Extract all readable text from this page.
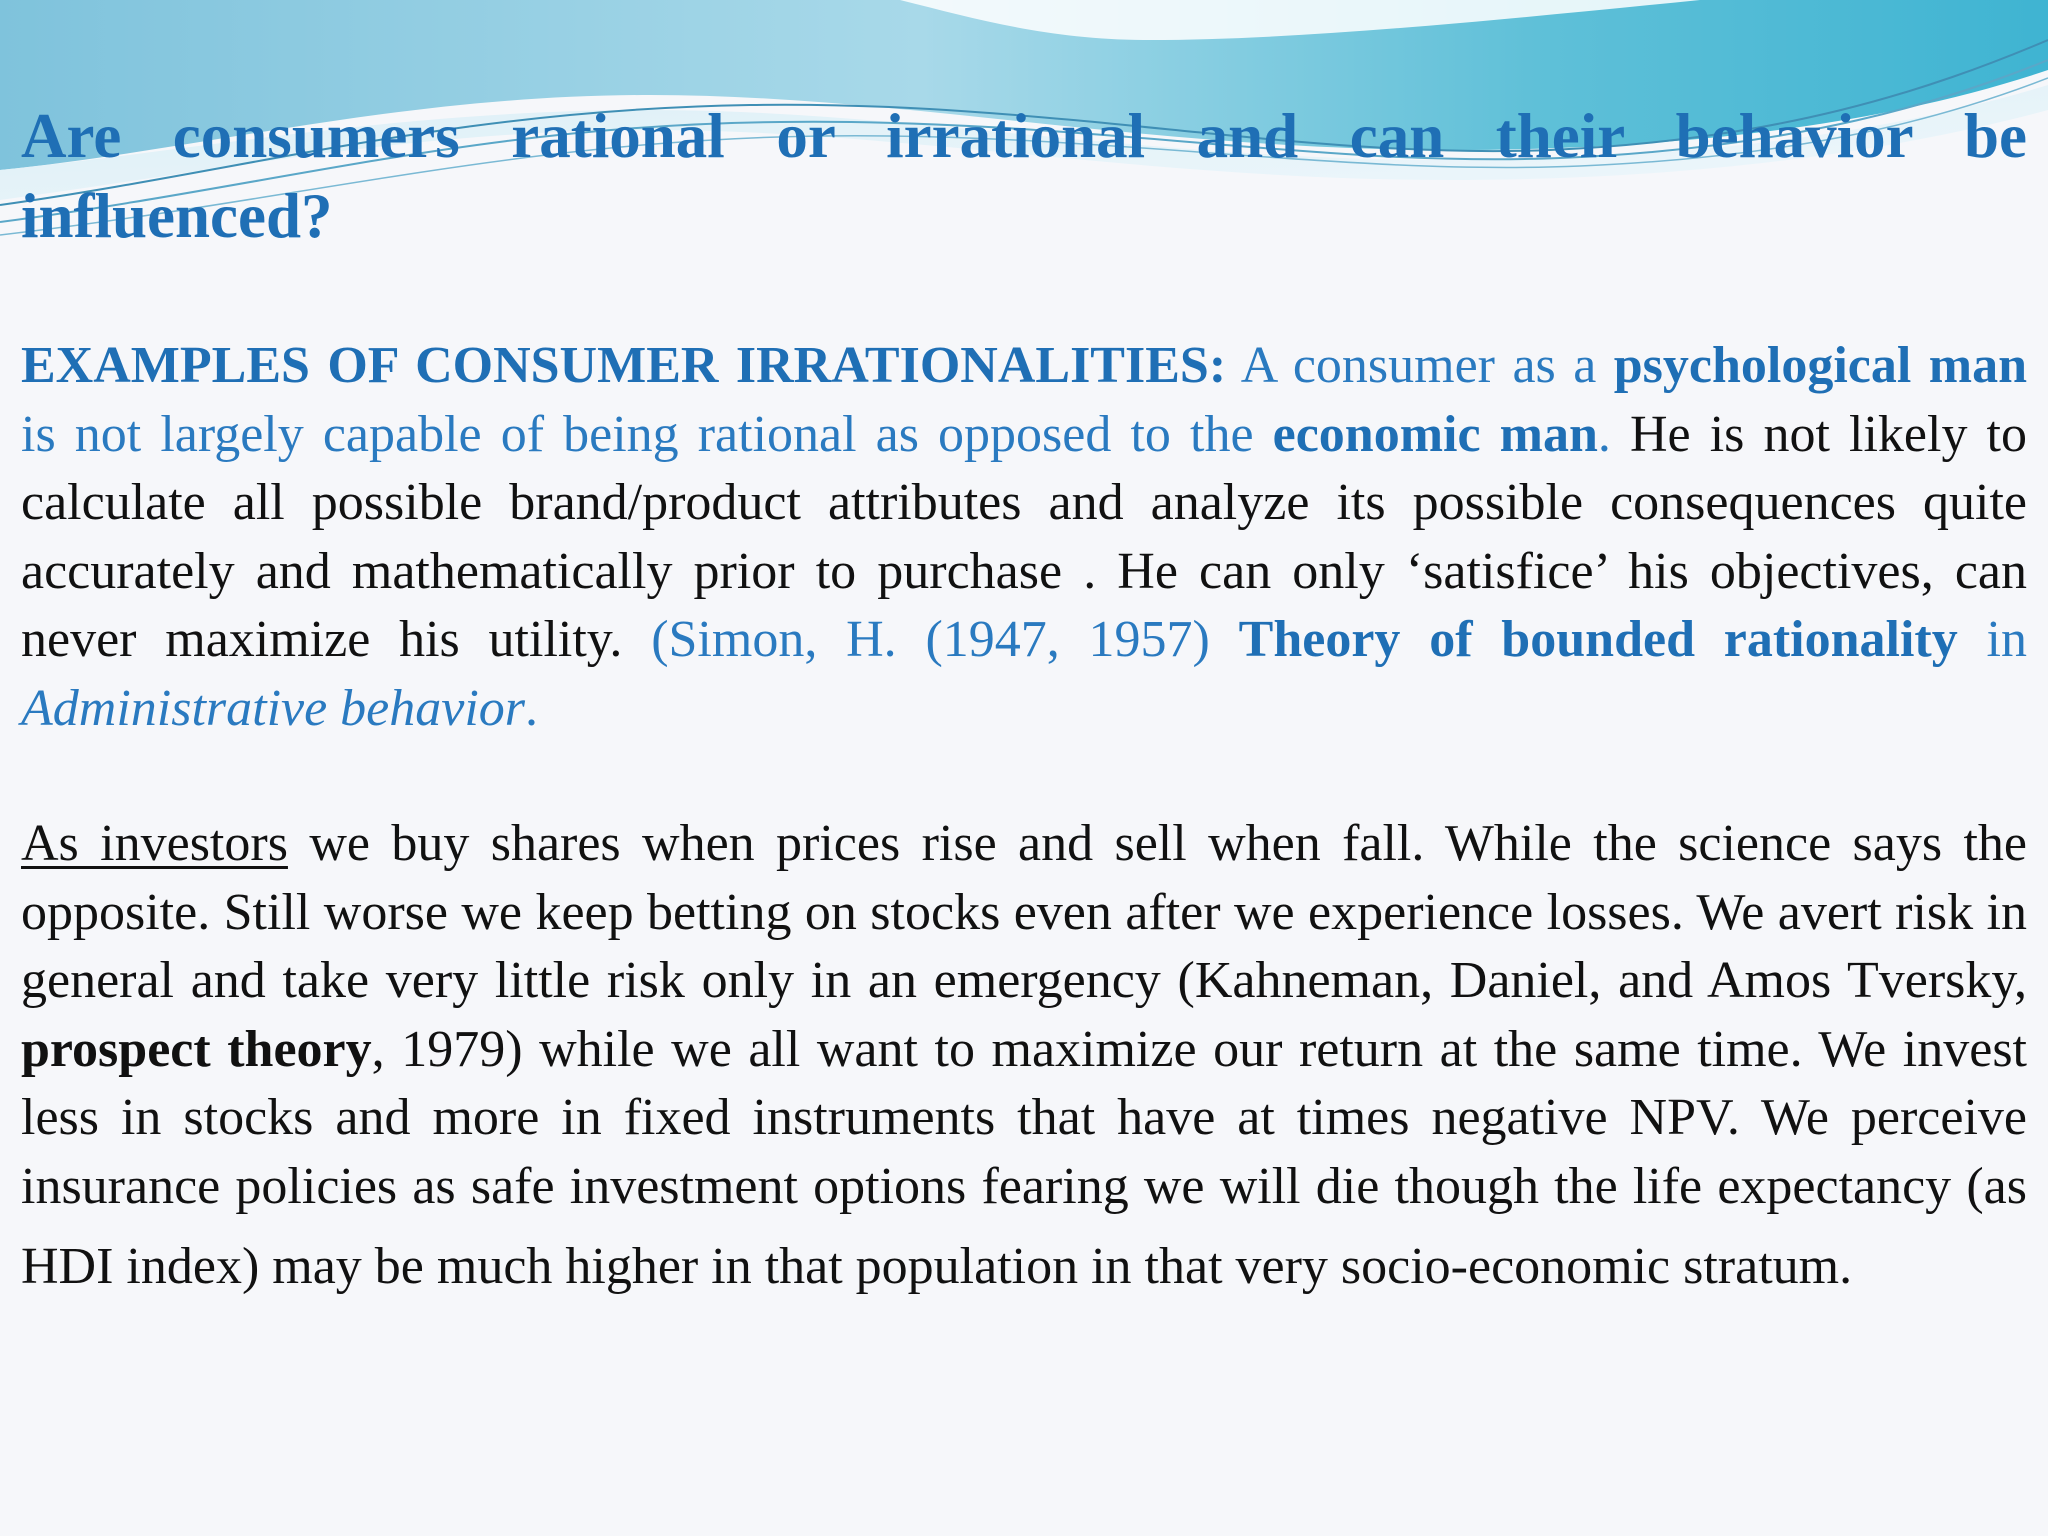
Are consumers rational or irrational and can their behavior be influenced?

EXAMPLES OF CONSUMER IRRATIONALITIES: A consumer as a psychological man is not largely capable of being rational as opposed to the economic man. He is not likely to calculate all possible brand/product attributes and analyze its possible consequences quite accurately and mathematically prior to purchase . He can only ‘satisfice’ his objectives, can never maximize his utility. (Simon, H. (1947, 1957) Theory of bounded rationality in Administrative behavior.

As investors we buy shares when prices rise and sell when fall. While the science says the opposite. Still worse we keep betting on stocks even after we experience losses. We avert risk in general and take very little risk only in an emergency (Kahneman, Daniel, and Amos Tversky, prospect theory, 1979) while we all want to maximize our return at the same time. We invest less in stocks and more in fixed instruments that have at times negative NPV. We perceive insurance policies as safe investment options fearing we will die though the life expectancy (as HDI index) may be much higher in that population in that very socio-economic stratum.
